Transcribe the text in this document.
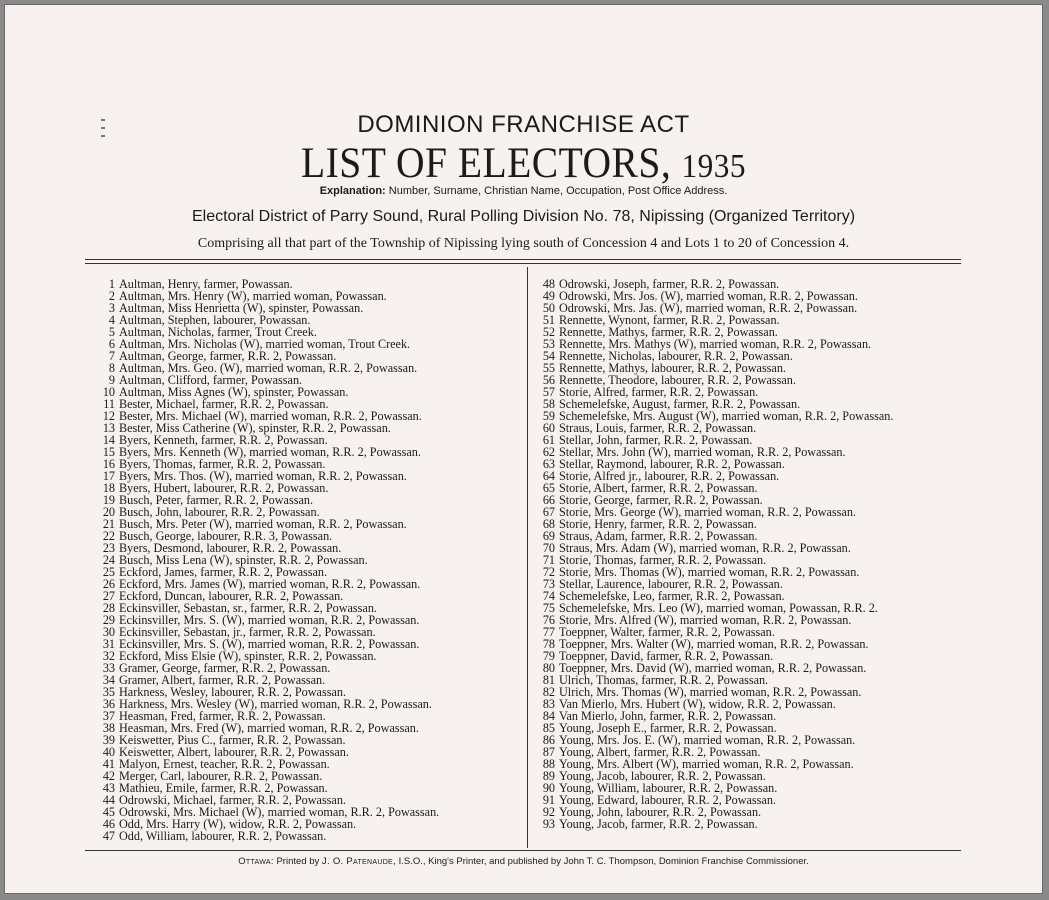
DOMINION FRANCHISE ACT
LIST OF ELECTORS, 1935
Explanation: Number, Surname, Christian Name, Occupation, Post Office Address.
Electoral District of Parry Sound, Rural Polling Division No. 78, Nipissing (Organized Territory)
Comprising all that part of the Township of Nipissing lying south of Concession 4 and Lots 1 to 20 of Concession 4.
1 Aultman, Henry, farmer, Powassan.
2 Aultman, Mrs. Henry (W), married woman, Powassan.
3 Aultman, Miss Henrietta (W), spinster, Powassan.
4 Aultman, Stephen, labourer, Powassan.
5 Aultman, Nicholas, farmer, Trout Creek.
6 Aultman, Mrs. Nicholas (W), married woman, Trout Creek.
7 Aultman, George, farmer, R.R. 2, Powassan.
8 Aultman, Mrs. Geo. (W), married woman, R.R. 2, Powassan.
9 Aultman, Clifford, farmer, Powassan.
10 Aultman, Miss Agnes (W), spinster, Powassan.
11 Bester, Michael, farmer, R.R. 2, Powassan.
12 Bester, Mrs. Michael (W), married woman, R.R. 2, Powassan.
13 Bester, Miss Catherine (W), spinster, R.R. 2, Powassan.
14 Byers, Kenneth, farmer, R.R. 2, Powassan.
15 Byers, Mrs. Kenneth (W), married woman, R.R. 2, Powassan.
16 Byers, Thomas, farmer, R.R. 2, Powassan.
17 Byers, Mrs. Thos. (W), married woman, R.R. 2, Powassan.
18 Byers, Hubert, labourer, R.R. 2, Powassan.
19 Busch, Peter, farmer, R.R. 2, Powassan.
20 Busch, John, labourer, R.R. 2, Powassan.
21 Busch, Mrs. Peter (W), married woman, R.R. 2, Powassan.
22 Busch, George, labourer, R.R. 3, Powassan.
23 Byers, Desmond, labourer, R.R. 2, Powassan.
24 Busch, Miss Lena (W), spinster, R.R. 2, Powassan.
25 Eckford, James, farmer, R.R. 2, Powassan.
26 Eckford, Mrs. James (W), married woman, R.R. 2, Powassan.
27 Eckford, Duncan, labourer, R.R. 2, Powassan.
28 Eckinsviller, Sebastan, sr., farmer, R.R. 2, Powassan.
29 Eckinsviller, Mrs. S. (W), married woman, R.R. 2, Powassan.
30 Eckinsviller, Sebastan, jr., farmer, R.R. 2, Powassan.
31 Eckinsviller, Mrs. S. (W), married woman, R.R. 2, Powassan.
32 Eckford, Miss Elsie (W), spinster, R.R. 2, Powassan.
33 Gramer, George, farmer, R.R. 2, Powassan.
34 Gramer, Albert, farmer, R.R. 2, Powassan.
35 Harkness, Wesley, labourer, R.R. 2, Powassan.
36 Harkness, Mrs. Wesley (W), married woman, R.R. 2, Powassan.
37 Heasman, Fred, farmer, R.R. 2, Powassan.
38 Heasman, Mrs. Fred (W), married woman, R.R. 2, Powassan.
39 Keiswetter, Pius C., farmer, R.R. 2, Powassan.
40 Keiswetter, Albert, labourer, R.R. 2, Powassan.
41 Malyon, Ernest, teacher, R.R. 2, Powassan.
42 Merger, Carl, labourer, R.R. 2, Powassan.
43 Mathieu, Emile, farmer, R.R. 2, Powassan.
44 Odrowski, Michael, farmer, R.R. 2, Powassan.
45 Odrowski, Mrs. Michael (W), married woman, R.R. 2, Powassan.
46 Odd, Mrs. Harry (W), widow, R.R. 2, Powassan.
47 Odd, William, labourer, R.R. 2, Powassan.
48 Odrowski, Joseph, farmer, R.R. 2, Powassan.
49 Odrowski, Mrs. Jos. (W), married woman, R.R. 2, Powassan.
50 Odrowski, Mrs. Jas. (W), married woman, R.R. 2, Powassan.
51 Rennette, Wynont, farmer, R.R. 2, Powassan.
52 Rennette, Mathys, farmer, R.R. 2, Powassan.
53 Rennette, Mrs. Mathys (W), married woman, R.R. 2, Powassan.
54 Rennette, Nicholas, labourer, R.R. 2, Powassan.
55 Rennette, Mathys, labourer, R.R. 2, Powassan.
56 Rennette, Theodore, labourer, R.R. 2, Powassan.
57 Storie, Alfred, farmer, R.R. 2, Powassan.
58 Schemelefske, August, farmer, R.R. 2, Powassan.
59 Schemelefske, Mrs. August (W), married woman, R.R. 2, Powassan.
60 Straus, Louis, farmer, R.R. 2, Powassan.
61 Stellar, John, farmer, R.R. 2, Powassan.
62 Stellar, Mrs. John (W), married woman, R.R. 2, Powassan.
63 Stellar, Raymond, labourer, R.R. 2, Powassan.
64 Storie, Alfred jr., labourer, R.R. 2, Powassan.
65 Storie, Albert, farmer, R.R. 2, Powassan.
66 Storie, George, farmer, R.R. 2, Powassan.
67 Storie, Mrs. George (W), married woman, R.R. 2, Powassan.
68 Storie, Henry, farmer, R.R. 2, Powassan.
69 Straus, Adam, farmer, R.R. 2, Powassan.
70 Straus, Mrs. Adam (W), married woman, R.R. 2, Powassan.
71 Storie, Thomas, farmer, R.R. 2, Powassan.
72 Storie, Mrs. Thomas (W), married woman, R.R. 2, Powassan.
73 Stellar, Laurence, labourer, R.R. 2, Powassan.
74 Schemelefske, Leo, farmer, R.R. 2, Powassan.
75 Schemelefske, Mrs. Leo (W), married woman, Powassan, R.R. 2.
76 Storie, Mrs. Alfred (W), married woman, R.R. 2, Powassan.
77 Toeppner, Walter, farmer, R.R. 2, Powassan.
78 Toeppner, Mrs. Walter (W), married woman, R.R. 2, Powassan.
79 Toeppner, David, farmer, R.R. 2, Powassan.
80 Toeppner, Mrs. David (W), married woman, R.R. 2, Powassan.
81 Ulrich, Thomas, farmer, R.R. 2, Powassan.
82 Ulrich, Mrs. Thomas (W), married woman, R.R. 2, Powassan.
83 Van Mierlo, Mrs. Hubert (W), widow, R.R. 2, Powassan.
84 Van Mierlo, John, farmer, R.R. 2, Powassan.
85 Young, Joseph E., farmer, R.R. 2, Powassan.
86 Young, Mrs. Jos. E. (W), married woman, R.R. 2, Powassan.
87 Young, Albert, farmer, R.R. 2, Powassan.
88 Young, Mrs. Albert (W), married woman, R.R. 2, Powassan.
89 Young, Jacob, labourer, R.R. 2, Powassan.
90 Young, William, labourer, R.R. 2, Powassan.
91 Young, Edward, labourer, R.R. 2, Powassan.
92 Young, John, labourer, R.R. 2, Powassan.
93 Young, Jacob, farmer, R.R. 2, Powassan.
Ottawa: Printed by J. O. Patenaude, I.S.O., King's Printer, and published by John T. C. Thompson, Dominion Franchise Commissioner.
